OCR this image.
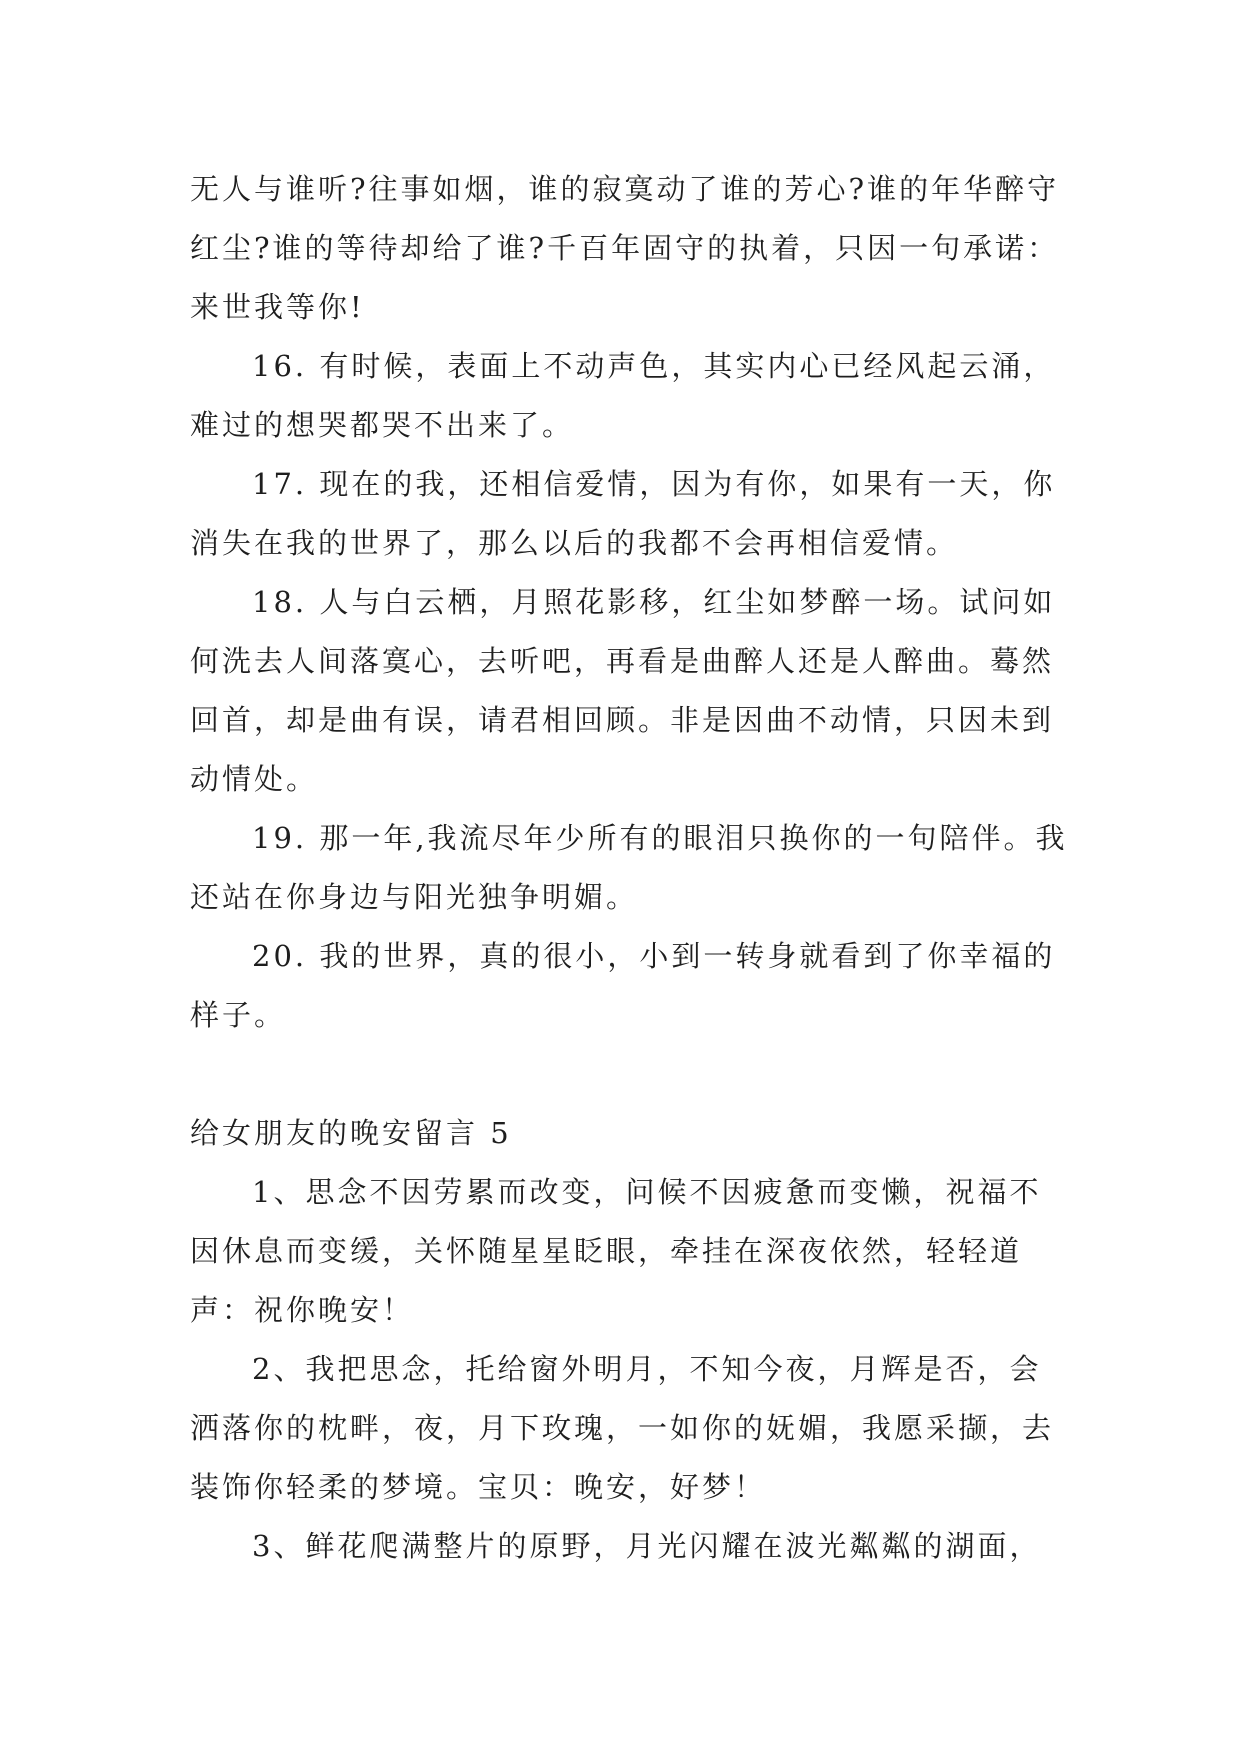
无人与谁听?往事如烟，谁的寂寞动了谁的芳心?谁的年华醉守红尘?谁的等待却给了谁?千百年固守的执着，只因一句承诺：来世我等你!

16. 有时候，表面上不动声色，其实内心已经风起云涌，难过的想哭都哭不出来了。

17. 现在的我，还相信爱情，因为有你，如果有一天，你消失在我的世界了，那么以后的我都不会再相信爱情。

18. 人与白云栖，月照花影移，红尘如梦醉一场。试问如何洗去人间落寞心，去听吧，再看是曲醉人还是人醉曲。蓦然回首，却是曲有误，请君相回顾。非是因曲不动情，只因未到动情处。

19. 那一年,我流尽年少所有的眼泪只换你的一句陪伴。我还站在你身边与阳光独争明媚。

20. 我的世界，真的很小，小到一转身就看到了你幸福的样子。

给女朋友的晚安留言 5

1、思念不因劳累而改变，问候不因疲惫而变懒，祝福不因休息而变缓，关怀随星星眨眼，牵挂在深夜依然，轻轻道声：祝你晚安！

2、我把思念，托给窗外明月，不知今夜，月辉是否，会洒落你的枕畔，夜，月下玫瑰，一如你的妩媚，我愿采撷，去装饰你轻柔的梦境。宝贝：晚安，好梦！

3、鲜花爬满整片的原野，月光闪耀在波光粼粼的湖面，
